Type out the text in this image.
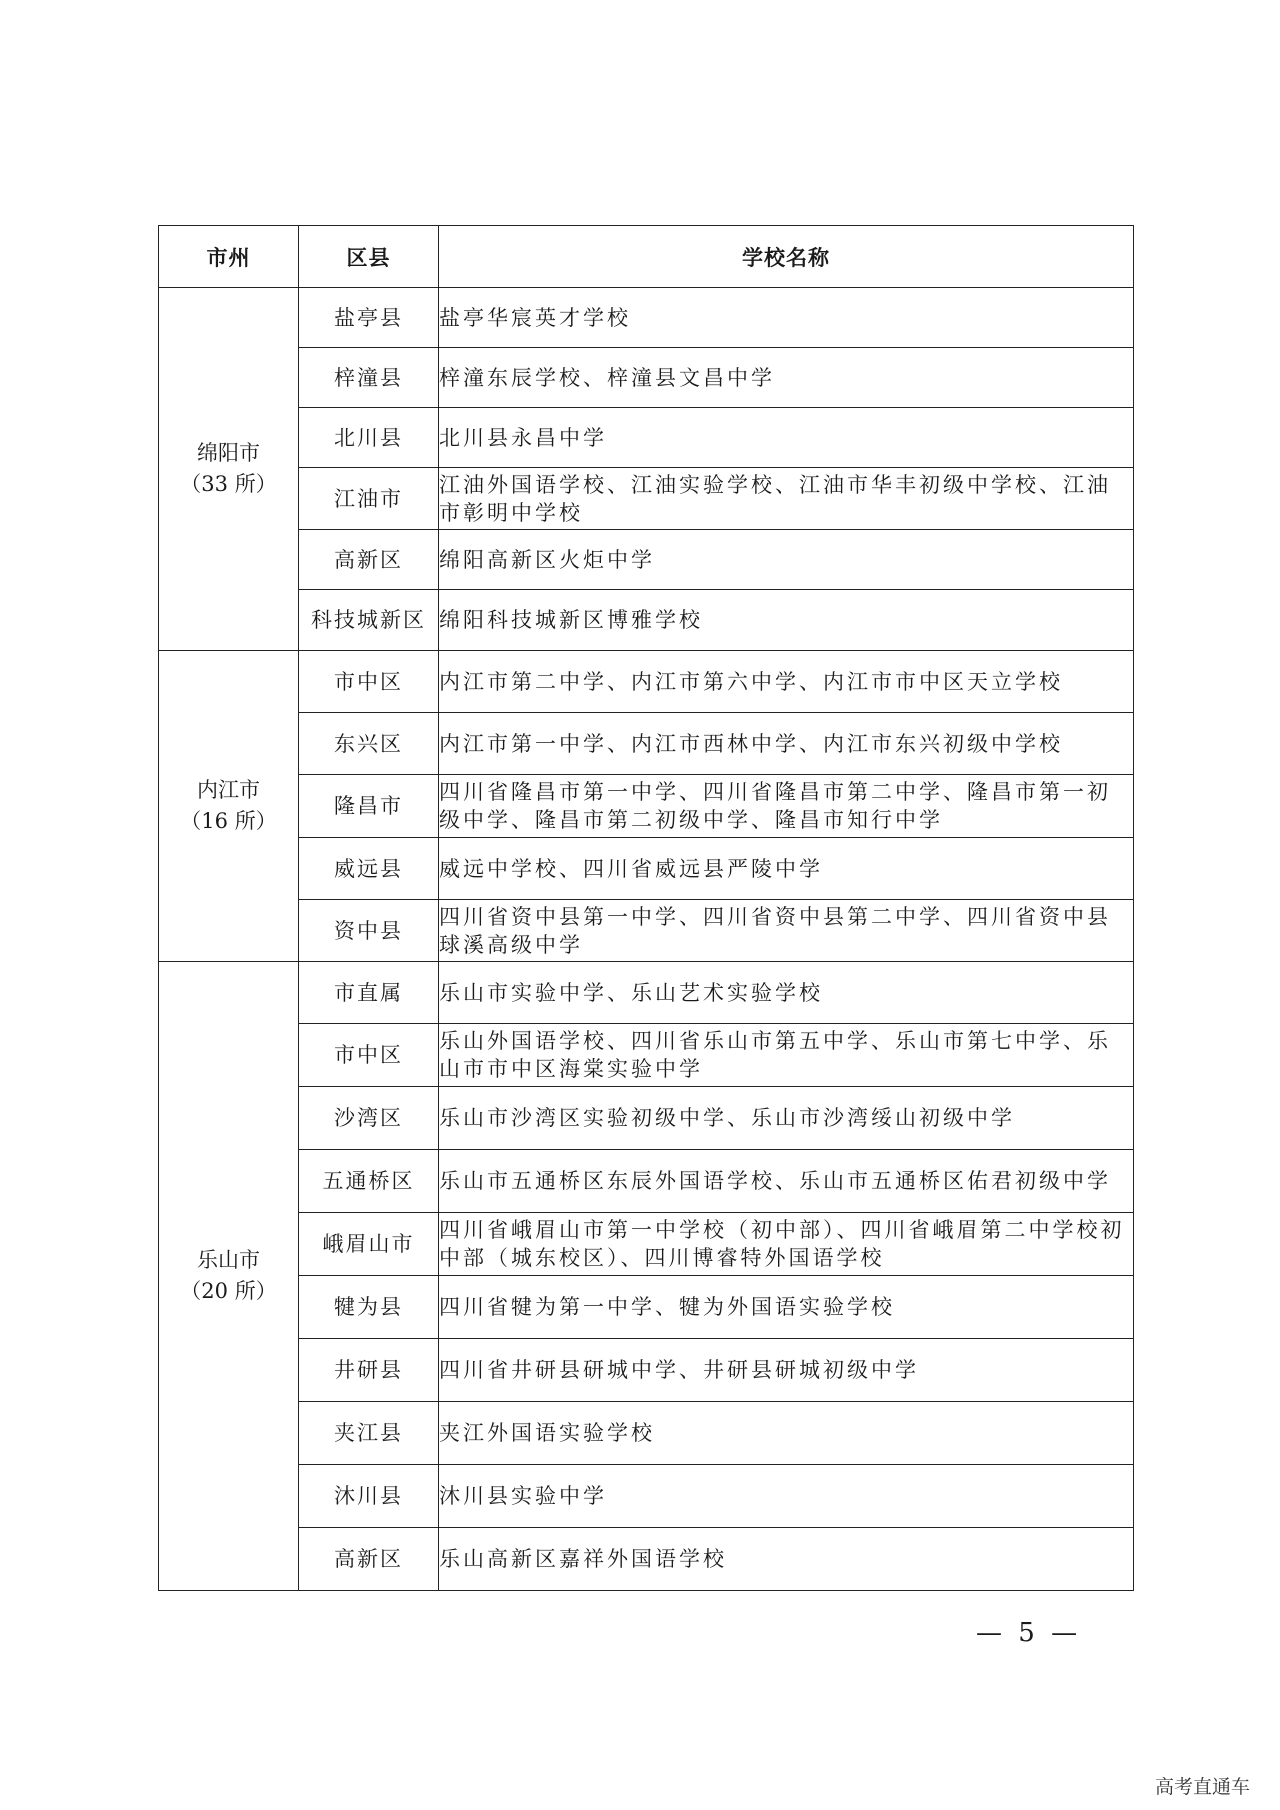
市州	区县	学校名称

绵阳市
（33 所）	盐亭县	盐亭华宸英才学校
	梓潼县	梓潼东辰学校、梓潼县文昌中学
	北川县	北川县永昌中学
	江油市	江油外国语学校、江油实验学校、江油市华丰初级中学校、江油市彰明中学校
	高新区	绵阳高新区火炬中学
	科技城新区	绵阳科技城新区博雅学校

内江市
（16 所）	市中区	内江市第二中学、内江市第六中学、内江市市中区天立学校
	东兴区	内江市第一中学、内江市西林中学、内江市东兴初级中学校
	隆昌市	四川省隆昌市第一中学、四川省隆昌市第二中学、隆昌市第一初级中学、隆昌市第二初级中学、隆昌市知行中学
	威远县	威远中学校、四川省威远县严陵中学
	资中县	四川省资中县第一中学、四川省资中县第二中学、四川省资中县球溪高级中学

乐山市
（20 所）	市直属	乐山市实验中学、乐山艺术实验学校
	市中区	乐山外国语学校、四川省乐山市第五中学、乐山市第七中学、乐山市市中区海棠实验中学
	沙湾区	乐山市沙湾区实验初级中学、乐山市沙湾绥山初级中学
	五通桥区	乐山市五通桥区东辰外国语学校、乐山市五通桥区佑君初级中学
	峨眉山市	四川省峨眉山市第一中学校（初中部）、四川省峨眉第二中学校初中部（城东校区）、四川博睿特外国语学校
	犍为县	四川省犍为第一中学、犍为外国语实验学校
	井研县	四川省井研县研城中学、井研县研城初级中学
	夹江县	夹江外国语实验学校
	沐川县	沐川县实验中学
	高新区	乐山高新区嘉祥外国语学校
— 5 —
高考直通车
